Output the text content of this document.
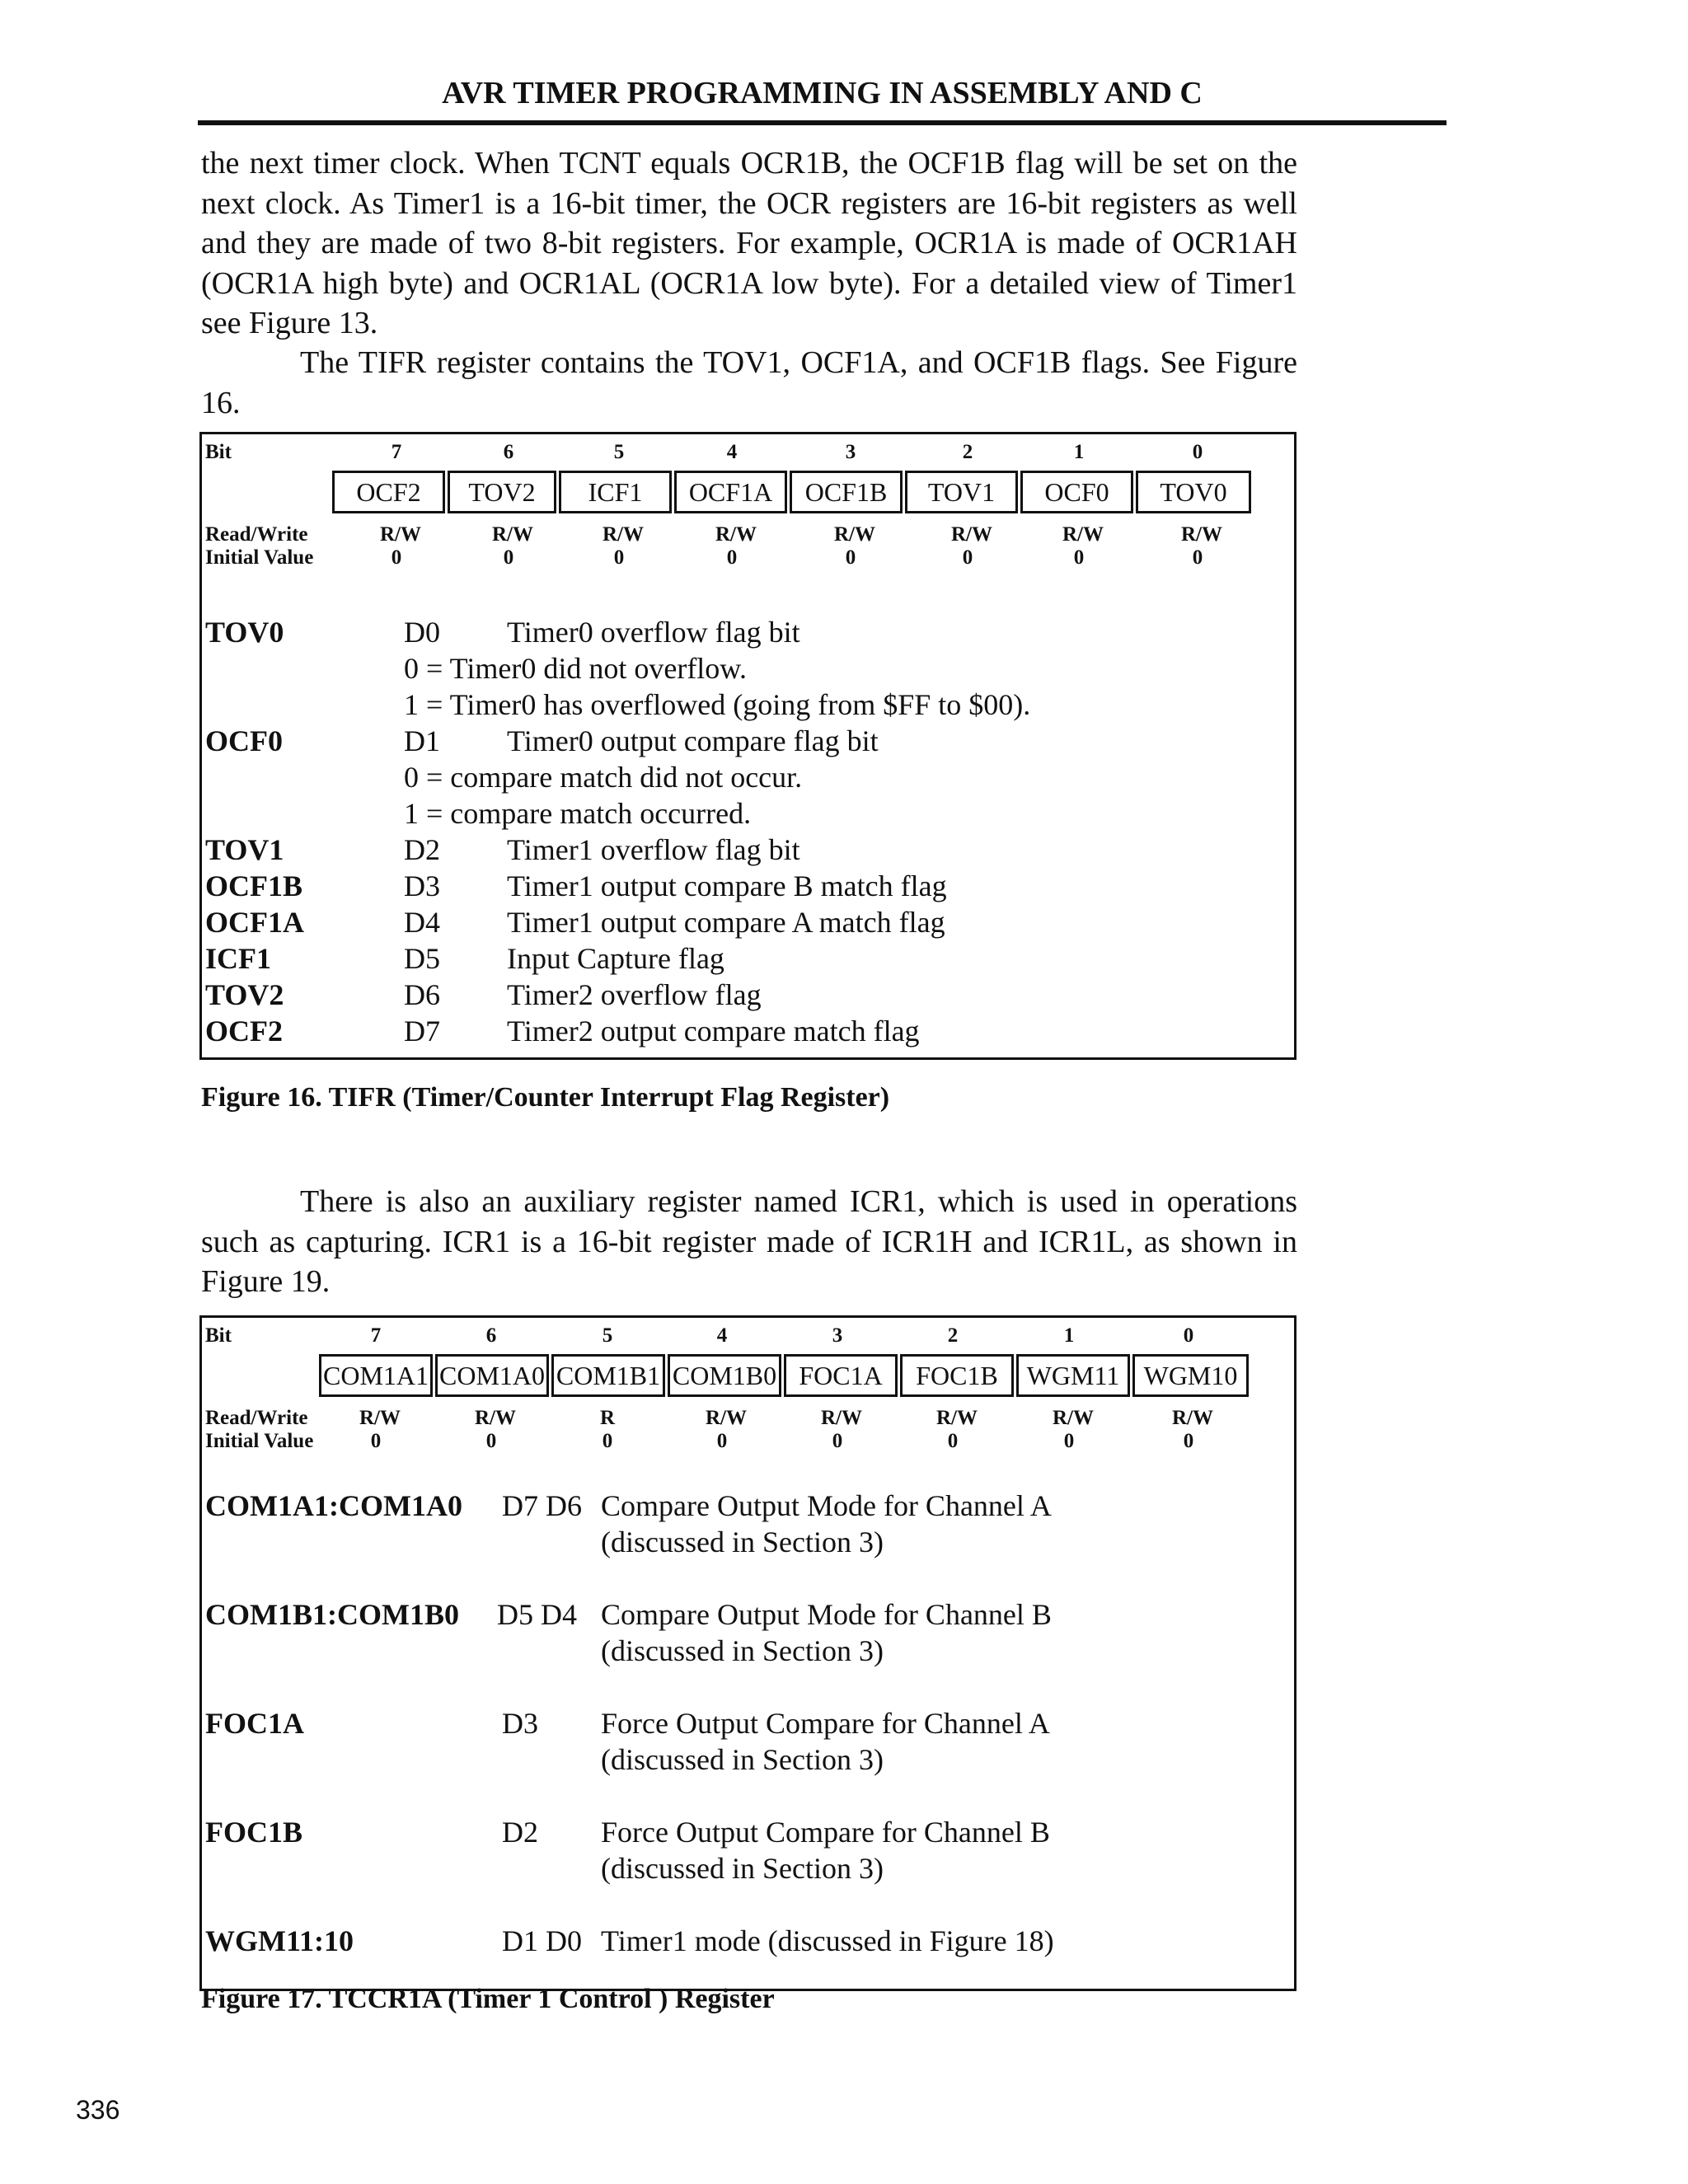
AVR TIMER PROGRAMMING IN ASSEMBLY AND C

the next timer clock. When TCNT equals OCR1B, the OCF1B flag will be set on the next clock. As Timer1 is a 16-bit timer, the OCR registers are 16-bit registers as well and they are made of two 8-bit registers. For example, OCR1A is made of OCR1AH (OCR1A high byte) and OCR1AL (OCR1A low byte). For a detailed view of Timer1 see Figure 13.

The TIFR register contains the TOV1, OCF1A, and OCF1B flags. See Figure 16.

Bit	7	6	5	4	3	2	1	0
OCF2	TOV2	ICF1	OCF1A	OCF1B	TOV1	OCF0	TOV0
Read/Write	R/W	R/W	R/W	R/W	R/W	R/W	R/W	R/W
Initial Value	0	0	0	0	0	0	0	0
TOV0	D0 Timer0 overflow flag bit
0 = Timer0 did not overflow.
1 = Timer0 has overflowed (going from $FF to $00).
OCF0	D1 Timer0 output compare flag bit
0 = compare match did not occur.
1 = compare match occurred.
TOV1	D2 Timer1 overflow flag bit
OCF1B	D3 Timer1 output compare B match flag
OCF1A	D4 Timer1 output compare A match flag
ICF1	D5 Input Capture flag
TOV2	D6 Timer2 overflow flag
OCF2	D7 Timer2 output compare match flag
Figure 16. TIFR (Timer/Counter Interrupt Flag Register)

There is also an auxiliary register named ICR1, which is used in operations such as capturing. ICR1 is a 16-bit register made of ICR1H and ICR1L, as shown in Figure 19.

Bit	7	6	5	4	3	2	1	0
COM1A1 COM1A0 COM1B1 COM1B0 FOC1A	FOC1B	WGM11 WGM10
Read/Write R/W	R/W	R	R/W	R/W	R/W	R/W	R/W
Initial Value	0	0	0	0	0	0	0	0
COM1A1:COM1A0 D7 D6 Compare Output Mode for Channel A
(discussed in Section 3)
COM1B1:COM1B0 D5 D4 Compare Output Mode for Channel B
(discussed in Section 3)
FOC1A	D3 Force Output Compare for Channel A
(discussed in Section 3)
FOC1B	D2 Force Output Compare for Channel B
(discussed in Section 3)
WGM11:10	D1 D0 Timer1 mode (discussed in Figure 18)
Figure 17. TCCR1A (Timer 1 Control ) Register
336
